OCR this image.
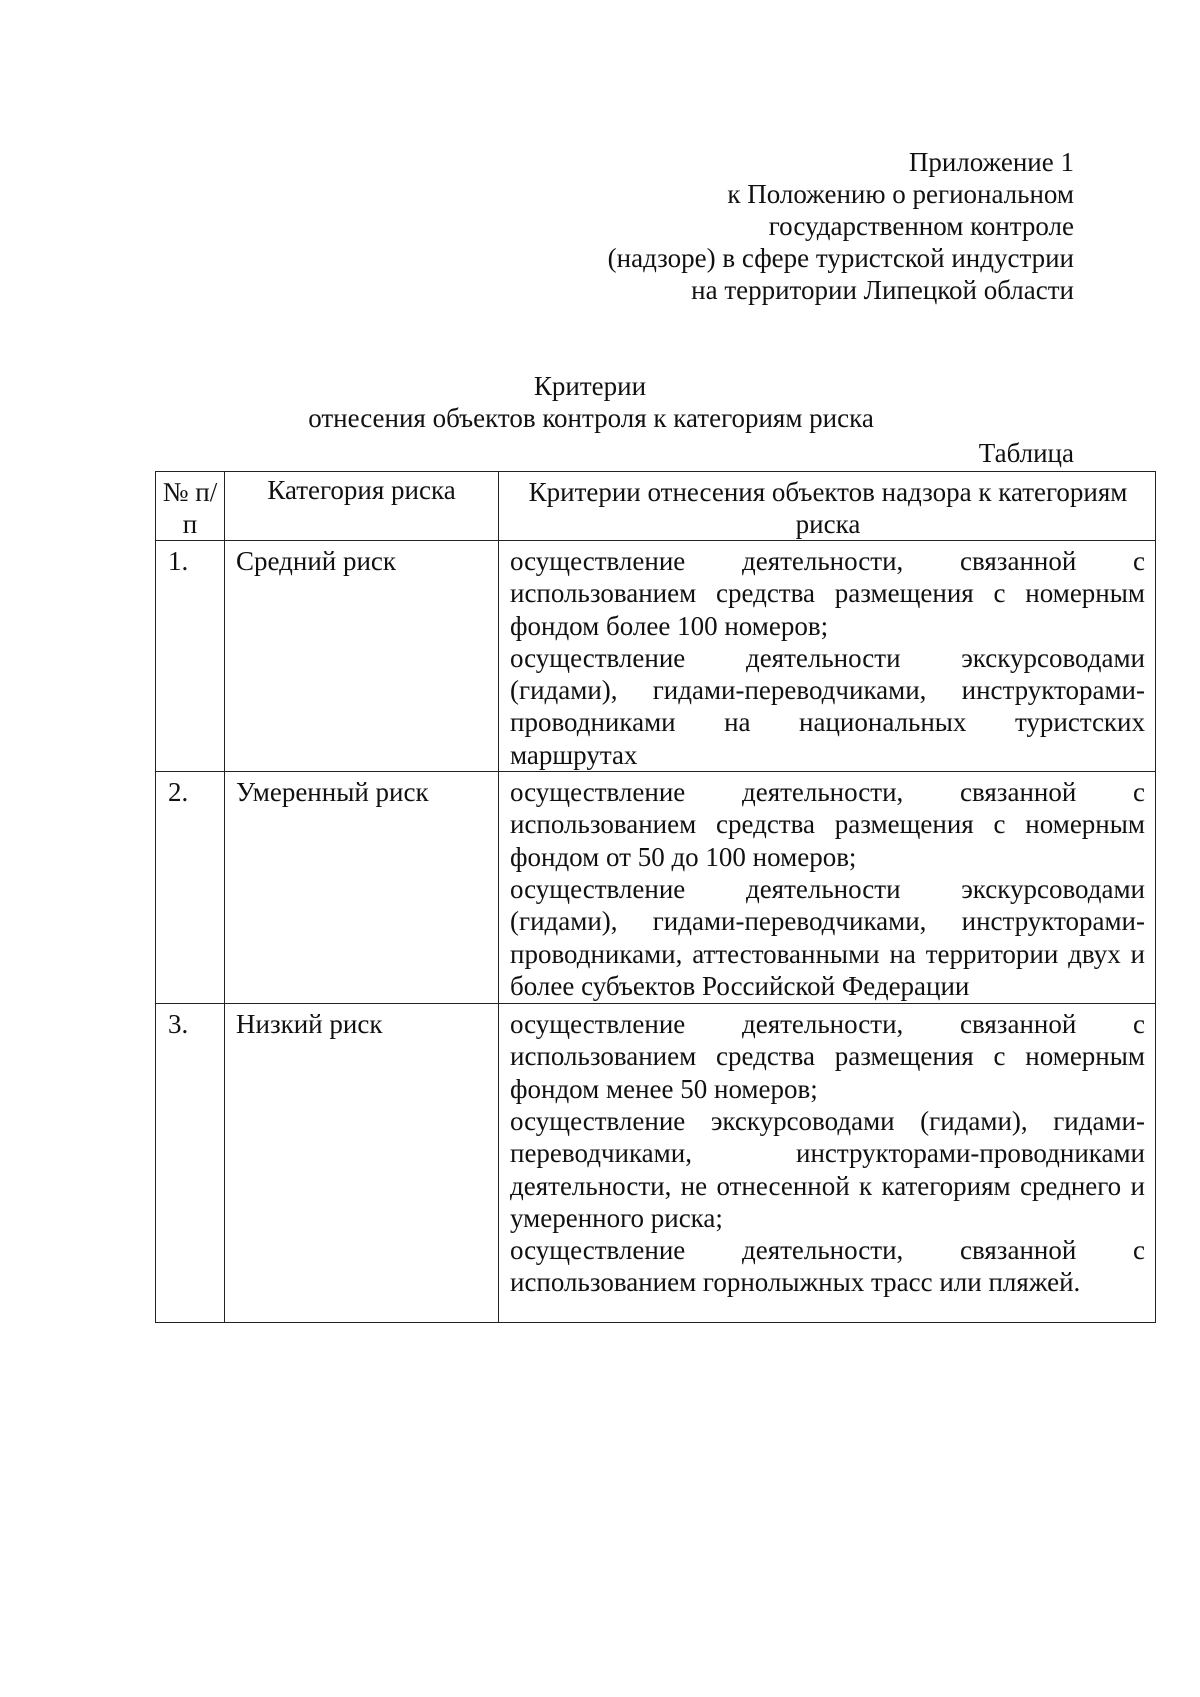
Приложение 1
к Положению о региональном
государственном контроле
(надзоре) в сфере туристской индустрии
на территории Липецкой области
Критерии
отнесения объектов контроля к категориям риска
Таблица
№ п/п	Категория риска	Критерии отнесения объектов надзора к категориям риска
1.	Средний риск	осуществление деятельности, связанной с использованием средства размещения с номерным фондом более 100 номеров;

осуществление деятельности экскурсоводами (гидами), гидами-переводчиками, инструкторами-проводниками на национальных туристских маршрутах

2.	Умеренный риск	осуществление деятельности, связанной с использованием средства размещения с номерным фондом от 50 до 100 номеров;

осуществление деятельности экскурсоводами (гидами), гидами-переводчиками, инструкторами-проводниками, аттестованными на территории двух и более субъектов Российской Федерации

3.	Низкий риск	осуществление деятельности, связанной с использованием средства размещения с номерным фондом менее 50 номеров;

осуществление экскурсоводами (гидами), гидами-переводчиками, инструкторами-проводниками деятельности, не отнесенной к категориям среднего и умеренного риска;

осуществление деятельности, связанной с использованием горнолыжных трасс или пляжей.
